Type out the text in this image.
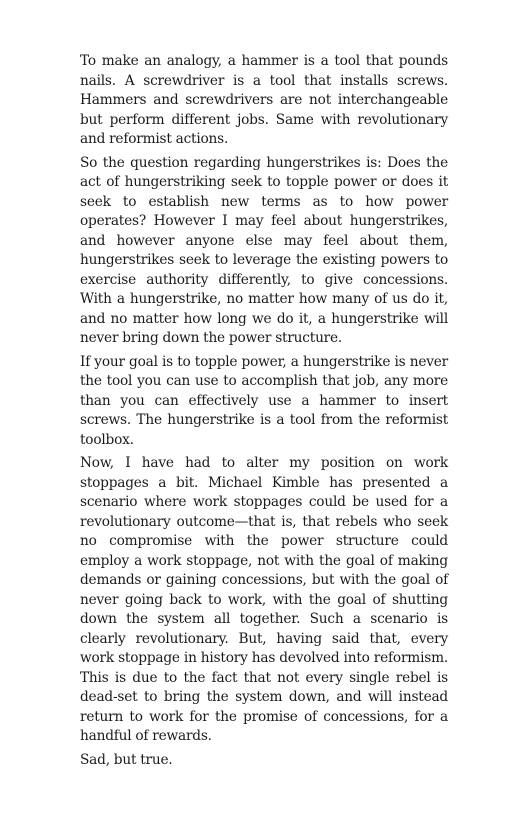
To make an analogy, a hammer is a tool that pounds nails. A screwdriver is a tool that installs screws. Hammers and screwdrivers are not interchangeable but perform different jobs. Same with revolutionary and reformist actions.

So the question regarding hungerstrikes is: Does the act of hungerstriking seek to topple power or does it seek to establish new terms as to how power operates? However I may feel about hungerstrikes, and however anyone else may feel about them, hungerstrikes seek to leverage the existing powers to exercise authority differently, to give concessions. With a hungerstrike, no matter how many of us do it, and no matter how long we do it, a hungerstrike will never bring down the power structure.

If your goal is to topple power, a hungerstrike is never the tool you can use to accomplish that job, any more than you can effectively use a hammer to insert screws. The hungerstrike is a tool from the reformist toolbox.

Now, I have had to alter my position on work stoppages a bit. Michael Kimble has presented a scenario where work stoppages could be used for a revolutionary outcome—that is, that rebels who seek no compromise with the power structure could employ a work stoppage, not with the goal of making demands or gaining concessions, but with the goal of never going back to work, with the goal of shutting down the system all together. Such a scenario is clearly revolutionary. But, having said that, every work stoppage in history has devolved into reformism. This is due to the fact that not every single rebel is dead-set to bring the system down, and will instead return to work for the promise of concessions, for a handful of rewards.

Sad, but true.
